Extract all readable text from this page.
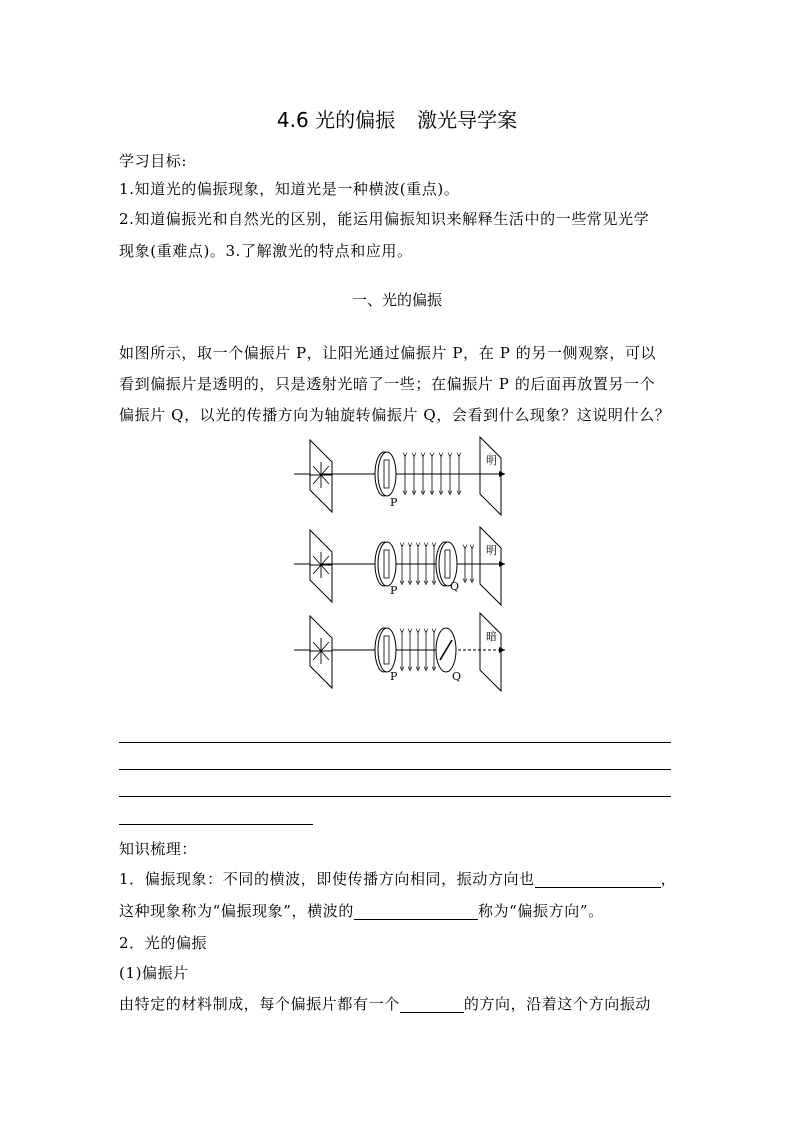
4.6 光的偏振 激光导学案
学习目标:
1.知道光的偏振现象，知道光是一种横波(重点)。
2.知道偏振光和自然光的区别，能运用偏振知识来解释生活中的一些常见光学
现象(重难点)。3.了解激光的特点和应用。
一、光的偏振
如图所示，取一个偏振片 P，让阳光通过偏振片 P，在 P 的另一侧观察，可以
看到偏振片是透明的，只是透射光暗了一些；在偏振片 P 的后面再放置另一个
偏振片 Q，以光的传播方向为轴旋转偏振片 Q，会看到什么现象？这说明什么？
明
P
明
P	Q
暗
P	Q
知识梳理：
1．偏振现象：不同的横波，即使传播方向相同，振动方向也	，
这种现象称为“偏振现象”，横波的	称为“偏振方向”。
2．光的偏振
(1)偏振片
由特定的材料制成，每个偏振片都有一个	的方向，沿着这个方向振动
